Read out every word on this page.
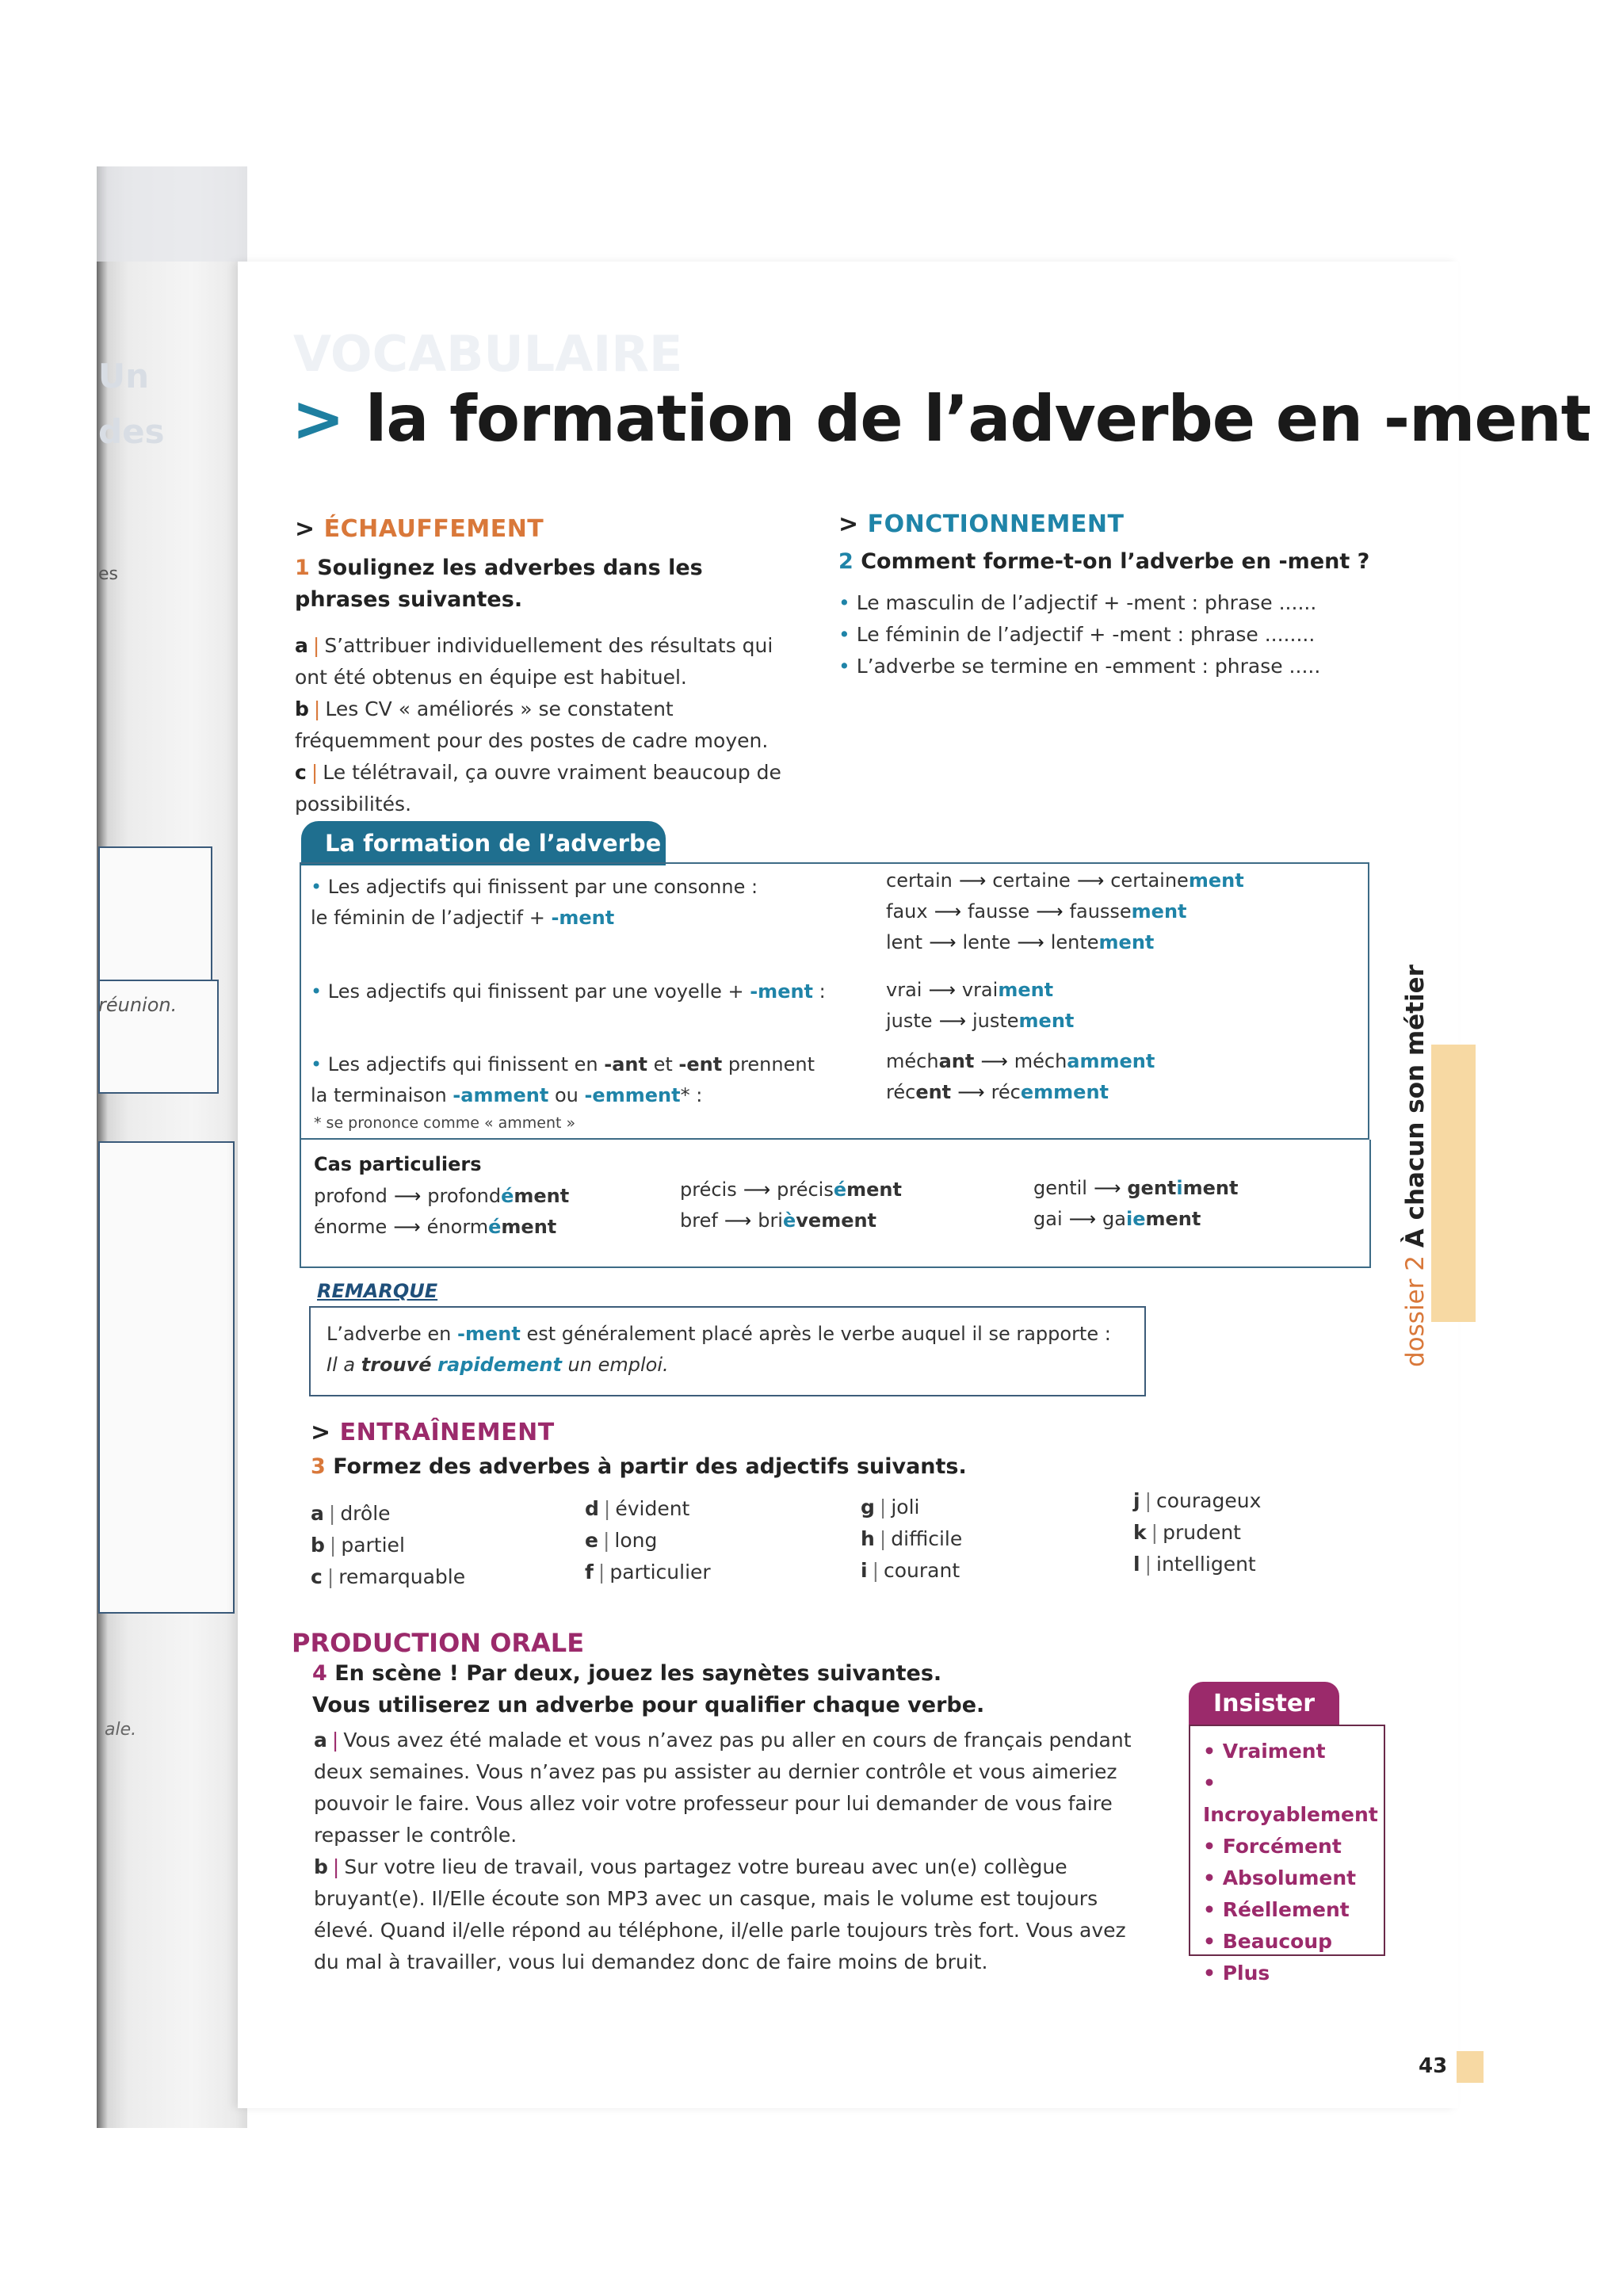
Un
des
es
réunion.
ale.
VOCABULAIRE
> la formation de l’adverbe en -ment
> ÉCHAUFFEMENT
1 Soulignez les adverbes dans les phrases suivantes.
a | S’attribuer individuellement des résultats qui ont été obtenus en équipe est habituel.
b | Les CV « améliorés » se constatent fréquemment pour des postes de cadre moyen.
c | Le télétravail, ça ouvre vraiment beaucoup de possibilités.
> FONCTIONNEMENT
2 Comment forme-t-on l’adverbe en -ment ?
• Le masculin de l’adjectif + -ment : phrase ......
• Le féminin de l’adjectif + -ment : phrase ........
• L’adverbe se termine en -emment : phrase .....
La formation de l’adverbe
• Les adjectifs qui finissent par une consonne :
le féminin de l’adjectif + -ment
• Les adjectifs qui finissent par une voyelle + -ment :
• Les adjectifs qui finissent en -ant et -ent prennent
la terminaison -amment ou -emment* :
* se prononce comme « amment »
certain ⟶ certaine ⟶ certainement
faux ⟶ fausse ⟶ faussement
lent ⟶ lente ⟶ lentement
vrai ⟶ vraiment
juste ⟶ justement
méchant ⟶ méchamment
récent ⟶ récemment
Cas particuliers
profond ⟶ profondément
énorme ⟶ énormément
précis ⟶ précisément
bref ⟶ brièvement
gentil ⟶ gentiment
gai ⟶ gaiement
REMARQUE
L’adverbe en -ment est généralement placé après le verbe auquel il se rapporte :
Il a trouvé rapidement un emploi.
> ENTRAÎNEMENT
3 Formez des adverbes à partir des adjectifs suivants.
a | drôle
b | partiel
c | remarquable
d | évident
e | long
f | particulier
g | joli
h | difficile
i | courant
j | courageux
k | prudent
l | intelligent
PRODUCTION ORALE
4 En scène ! Par deux, jouez les saynètes suivantes.
Vous utiliserez un adverbe pour qualifier chaque verbe.
a | Vous avez été malade et vous n’avez pas pu aller en cours de français pendant deux semaines. Vous n’avez pas pu assister au dernier contrôle et vous aimeriez pouvoir le faire. Vous allez voir votre professeur pour lui demander de vous faire repasser le contrôle.
b | Sur votre lieu de travail, vous partagez votre bureau avec un(e) collègue bruyant(e). Il/Elle écoute son MP3 avec un casque, mais le volume est toujours élevé. Quand il/elle répond au téléphone, il/elle parle toujours très fort. Vous avez du mal à travailler, vous lui demandez donc de faire moins de bruit.
Insister
• Vraiment
• Incroyablement
• Forcément
• Absolument
• Réellement
• Beaucoup
• Plus
dossier 2 À chacun son métier
43
